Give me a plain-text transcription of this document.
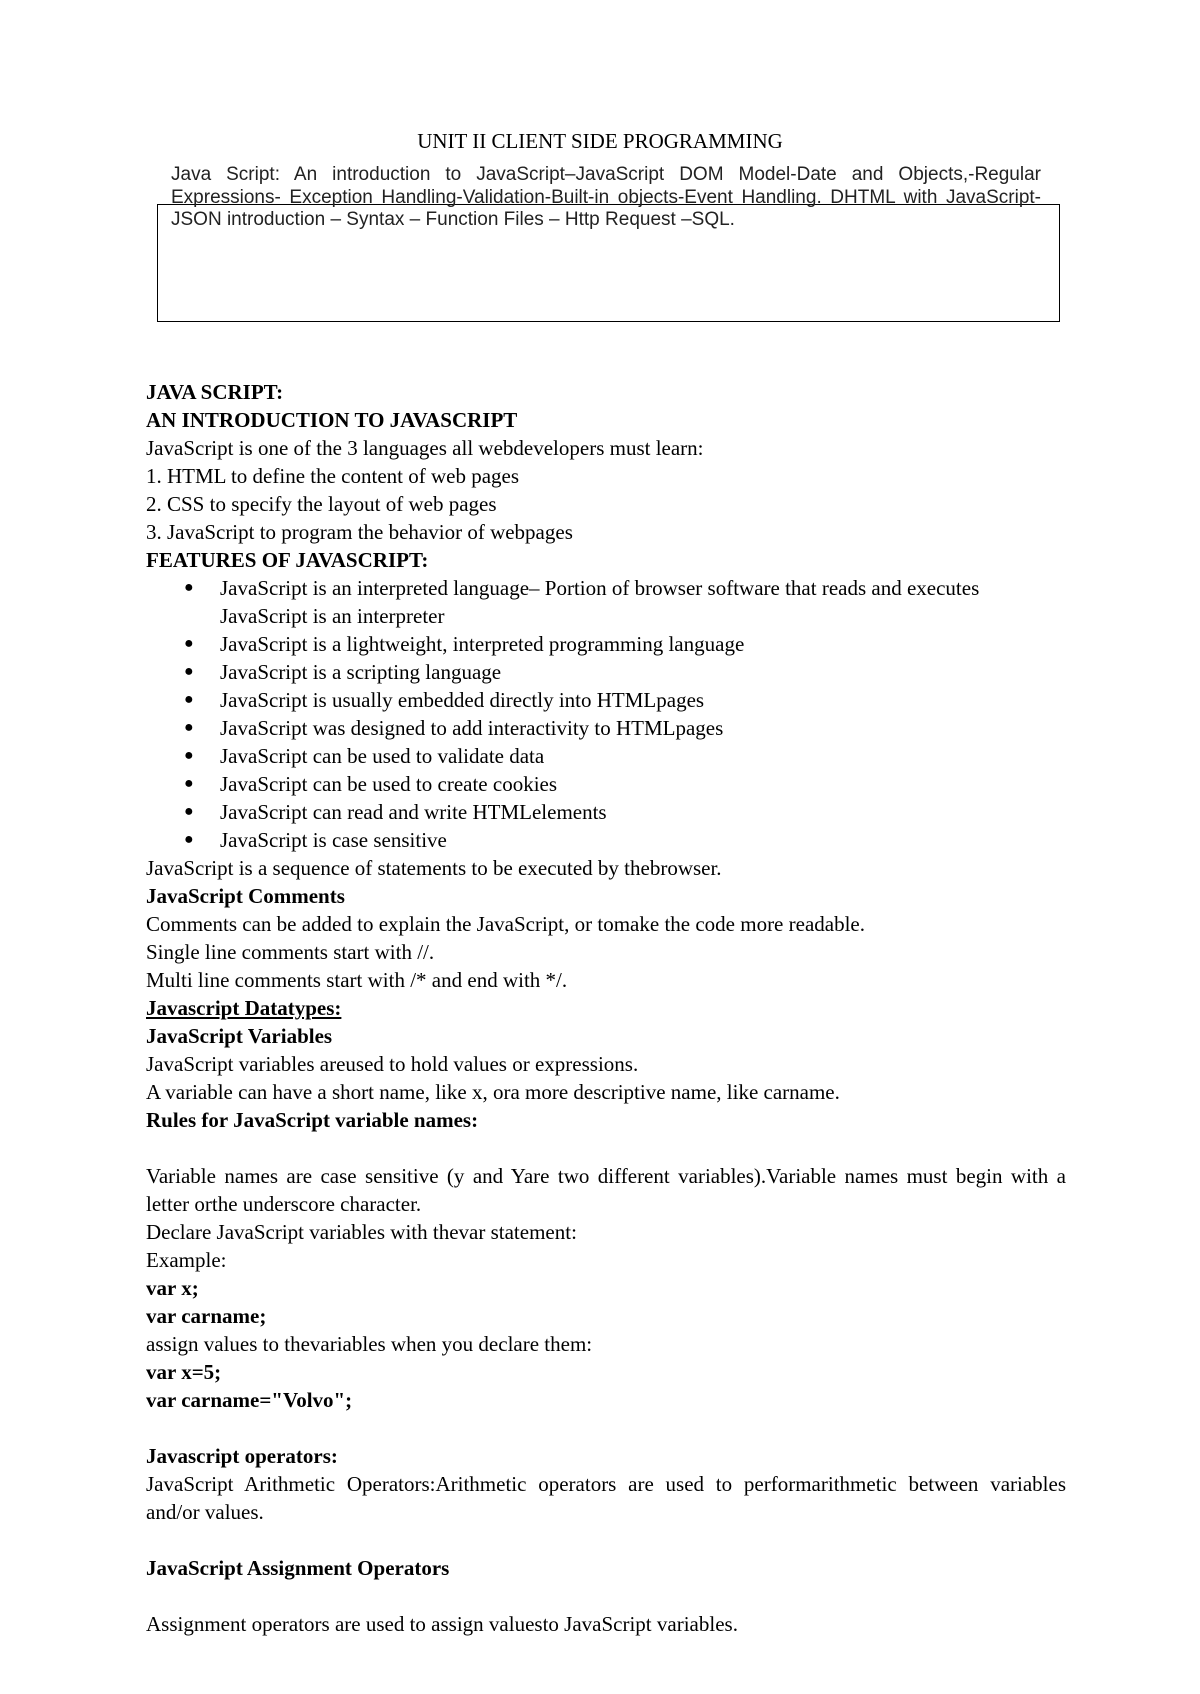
UNIT II CLIENT SIDE PROGRAMMING
Java Script: An introduction to JavaScript–JavaScript DOM Model-Date and Objects,-Regular Expressions- Exception Handling-Validation-Built-in objects-Event Handling. DHTML with JavaScript- JSON introduction – Syntax – Function Files – Http Request –SQL.

JAVA SCRIPT:

AN INTRODUCTION TO JAVASCRIPT

JavaScript is one of the 3 languages all webdevelopers must learn:

1. HTML to define the content of web pages

2. CSS to specify the layout of web pages

3. JavaScript to program the behavior of webpages

FEATURES OF JAVASCRIPT:

● JavaScript is an interpreted language– Portion of browser software that reads and executes JavaScript is an interpreter
● JavaScript is a lightweight, interpreted programming language
● JavaScript is a scripting language
● JavaScript is usually embedded directly into HTMLpages
● JavaScript was designed to add interactivity to HTMLpages
● JavaScript can be used to validate data
● JavaScript can be used to create cookies
● JavaScript can read and write HTMLelements
● JavaScript is case sensitive

JavaScript is a sequence of statements to be executed by thebrowser.

JavaScript Comments

Comments can be added to explain the JavaScript, or tomake the code more readable.

Single line comments start with //.

Multi line comments start with /* and end with */.

Javascript Datatypes:

JavaScript Variables

JavaScript variables areused to hold values or expressions.

A variable can have a short name, like x, ora more descriptive name, like carname.

Rules for JavaScript variable names:

Variable names are case sensitive (y and Yare two different variables).Variable names must begin with a letter orthe underscore character.

Declare JavaScript variables with thevar statement:

Example:

var x;

var carname;

assign values to thevariables when you declare them:

var x=5;

var carname="Volvo";

Javascript operators:

JavaScript Arithmetic Operators:Arithmetic operators are used to performarithmetic between variables and/or values.

JavaScript Assignment Operators

Assignment operators are used to assign valuesto JavaScript variables.
